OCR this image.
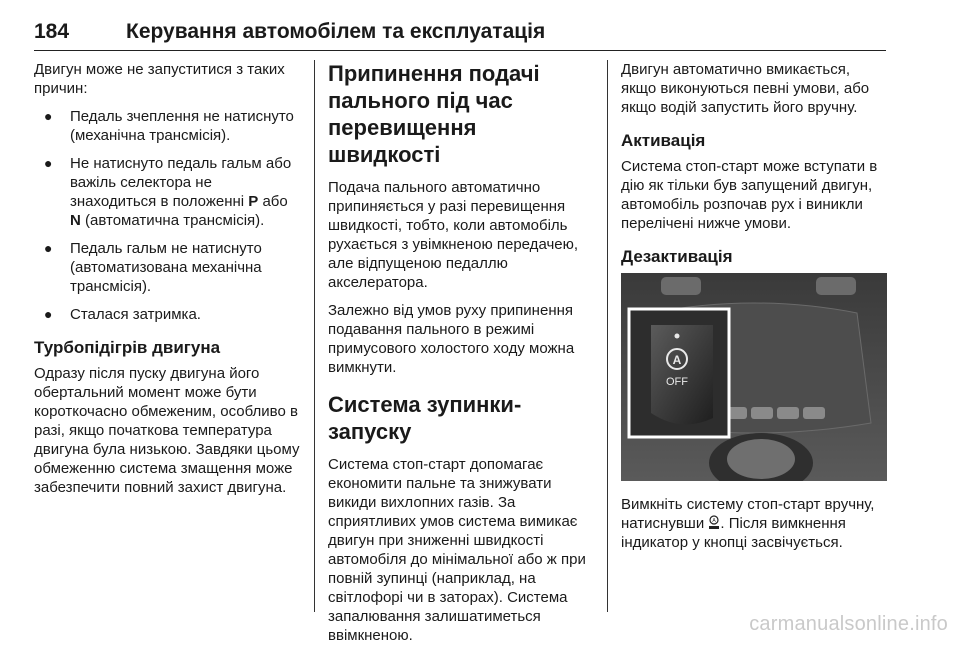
184	Керування автомобілем та експлуатація

Двигун може не запуститися з таких причин:

● Педаль зчеплення не натиснуто (механічна трансмісія).
● Не натиснуто педаль гальм або важіль селектора не знаходиться в положенні P або N (автоматична трансмісія).
● Педаль гальм не натиснуто (автоматизована механічна трансмісія).
● Сталася затримка.
Турбопідігрів двигуна

Одразу після пуску двигуна його обертальний момент може бути короткочасно обмеженим, особливо в разі, якщо початкова температура двигуна була низькою. Завдяки цьому обмеженню система змащення може забезпечити повний захист двигуна.

Припинення подачі пального під час перевищення швидкості

Подача пального автоматично припиняється у разі перевищення швидкості, тобто, коли автомобіль рухається з увімкненою передачею, але відпущеною педаллю акселератора.

Залежно від умов руху припинення подавання пального в режимі примусового холостого ходу можна вимкнути.

Система зупинки-запуску

Система стоп-старт допомагає економити пальне та знижувати викиди вихлопних газів. За сприятливих умов система вимикає двигун при зниженні швидкості автомобіля до мінімальної або ж при повній зупинці (наприклад, на світлофорі чи в заторах). Система запалювання залишатиметься ввімкненою.

Двигун автоматично вмикається, якщо виконуються певні умови, або якщо водій запустить його вручну.

Активація

Система стоп-старт може вступати в дію як тільки був запущений двигун, автомобіль розпочав рух і виникли перелічені нижче умови.

Дезактивація
A
OFF

Вимкніть систему стоп-старт вручну, натиснувши A . Після вимкнення індикатор у кнопці засвічується.

carmanualsonline.info
